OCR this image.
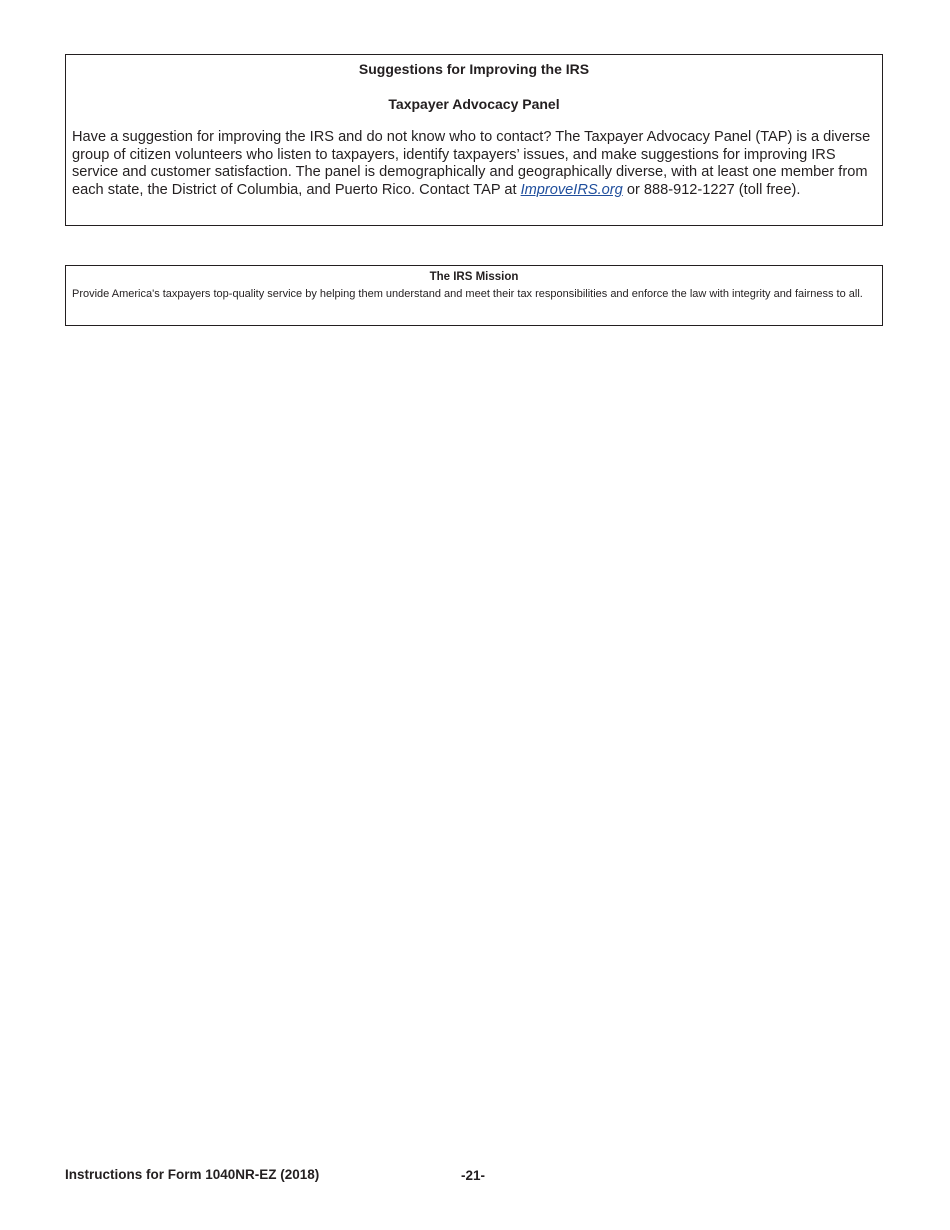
Suggestions for Improving the IRS

Taxpayer Advocacy Panel

Have a suggestion for improving the IRS and do not know who to contact? The Taxpayer Advocacy Panel (TAP) is a diverse group of citizen volunteers who listen to taxpayers, identify taxpayers’ issues, and make suggestions for improving IRS service and customer satisfaction. The panel is demographically and geographically diverse, with at least one member from each state, the District of Columbia, and Puerto Rico. Contact TAP at ImproveIRS.org or 888-912-1227 (toll free).

The IRS Mission

Provide America's taxpayers top-quality service by helping them understand and meet their tax responsibilities and enforce the law with integrity and fairness to all.

Instructions for Form 1040NR-EZ (2018)	-21-
